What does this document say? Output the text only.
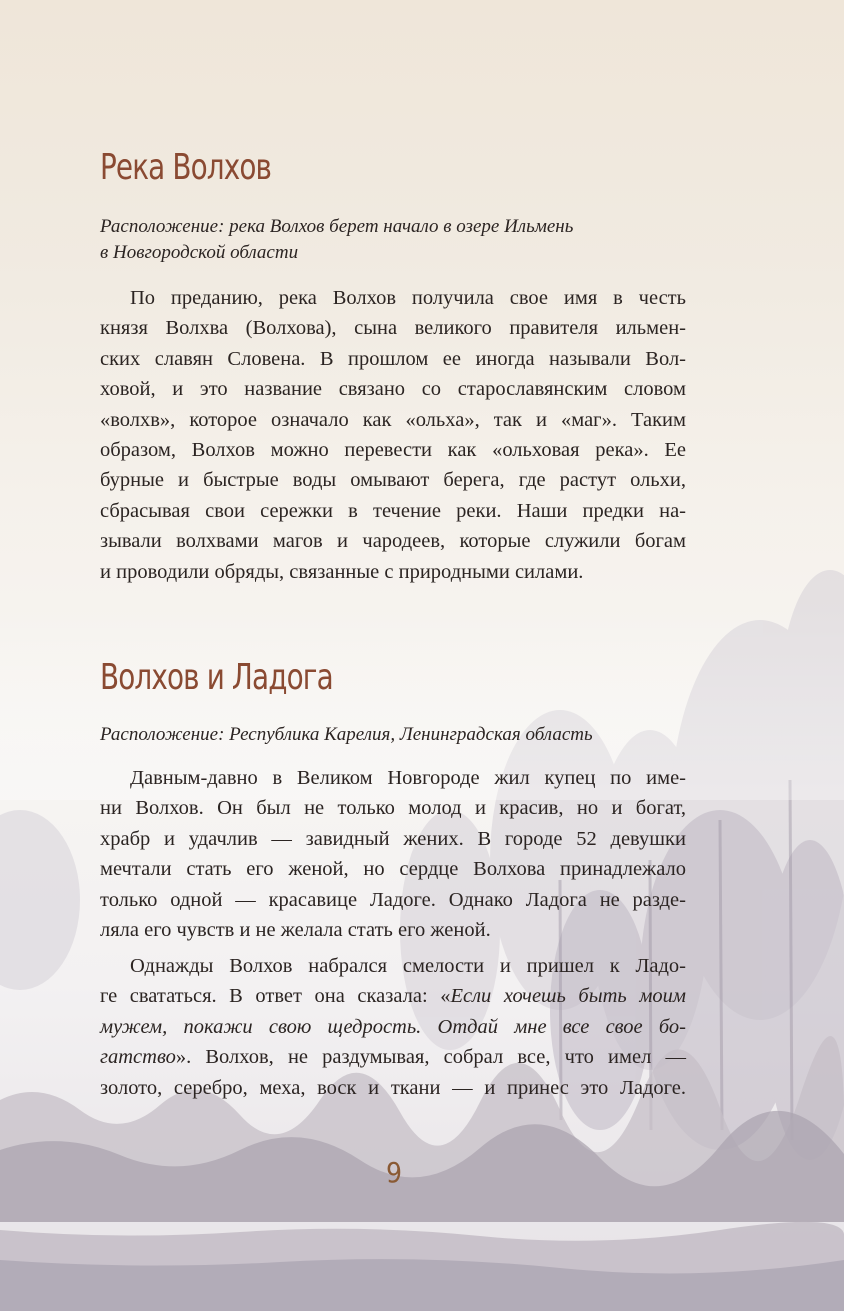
Река Волхов

Расположение: река Волхов берет начало в озере Ильмень
в Новгородской области

По преданию, река Волхов получила свое имя в честь
князя Волхва (Волхова), сына великого правителя ильмен-
ских славян Словена. В прошлом ее иногда называли Вол-
ховой, и это название связано со старославянским словом
«волхв», которое означало как «ольха», так и «маг». Таким
образом, Волхов можно перевести как «ольховая река». Ее
бурные и быстрые воды омывают берега, где растут ольхи,
сбрасывая свои сережки в течение реки. Наши предки на-
зывали волхвами магов и чародеев, которые служили богам
и проводили обряды, связанные с природными силами.

Волхов и Ладога

Расположение: Республика Карелия, Ленинградская область

Давным-давно в Великом Новгороде жил купец по име-
ни Волхов. Он был не только молод и красив, но и богат,
храбр и удачлив — завидный жених. В городе 52 девушки
мечтали стать его женой, но сердце Волхова принадлежало
только одной — красавице Ладоге. Однако Ладога не разде-
ляла его чувств и не желала стать его женой.

Однажды Волхов набрался смелости и пришел к Ладо-
ге свататься. В ответ она сказала: «Если хочешь быть моим
мужем, покажи свою щедрость. Отдай мне все свое бо-
гатство». Волхов, не раздумывая, собрал все, что имел —
золото, серебро, меха, воск и ткани — и принес это Ладоге.

9
